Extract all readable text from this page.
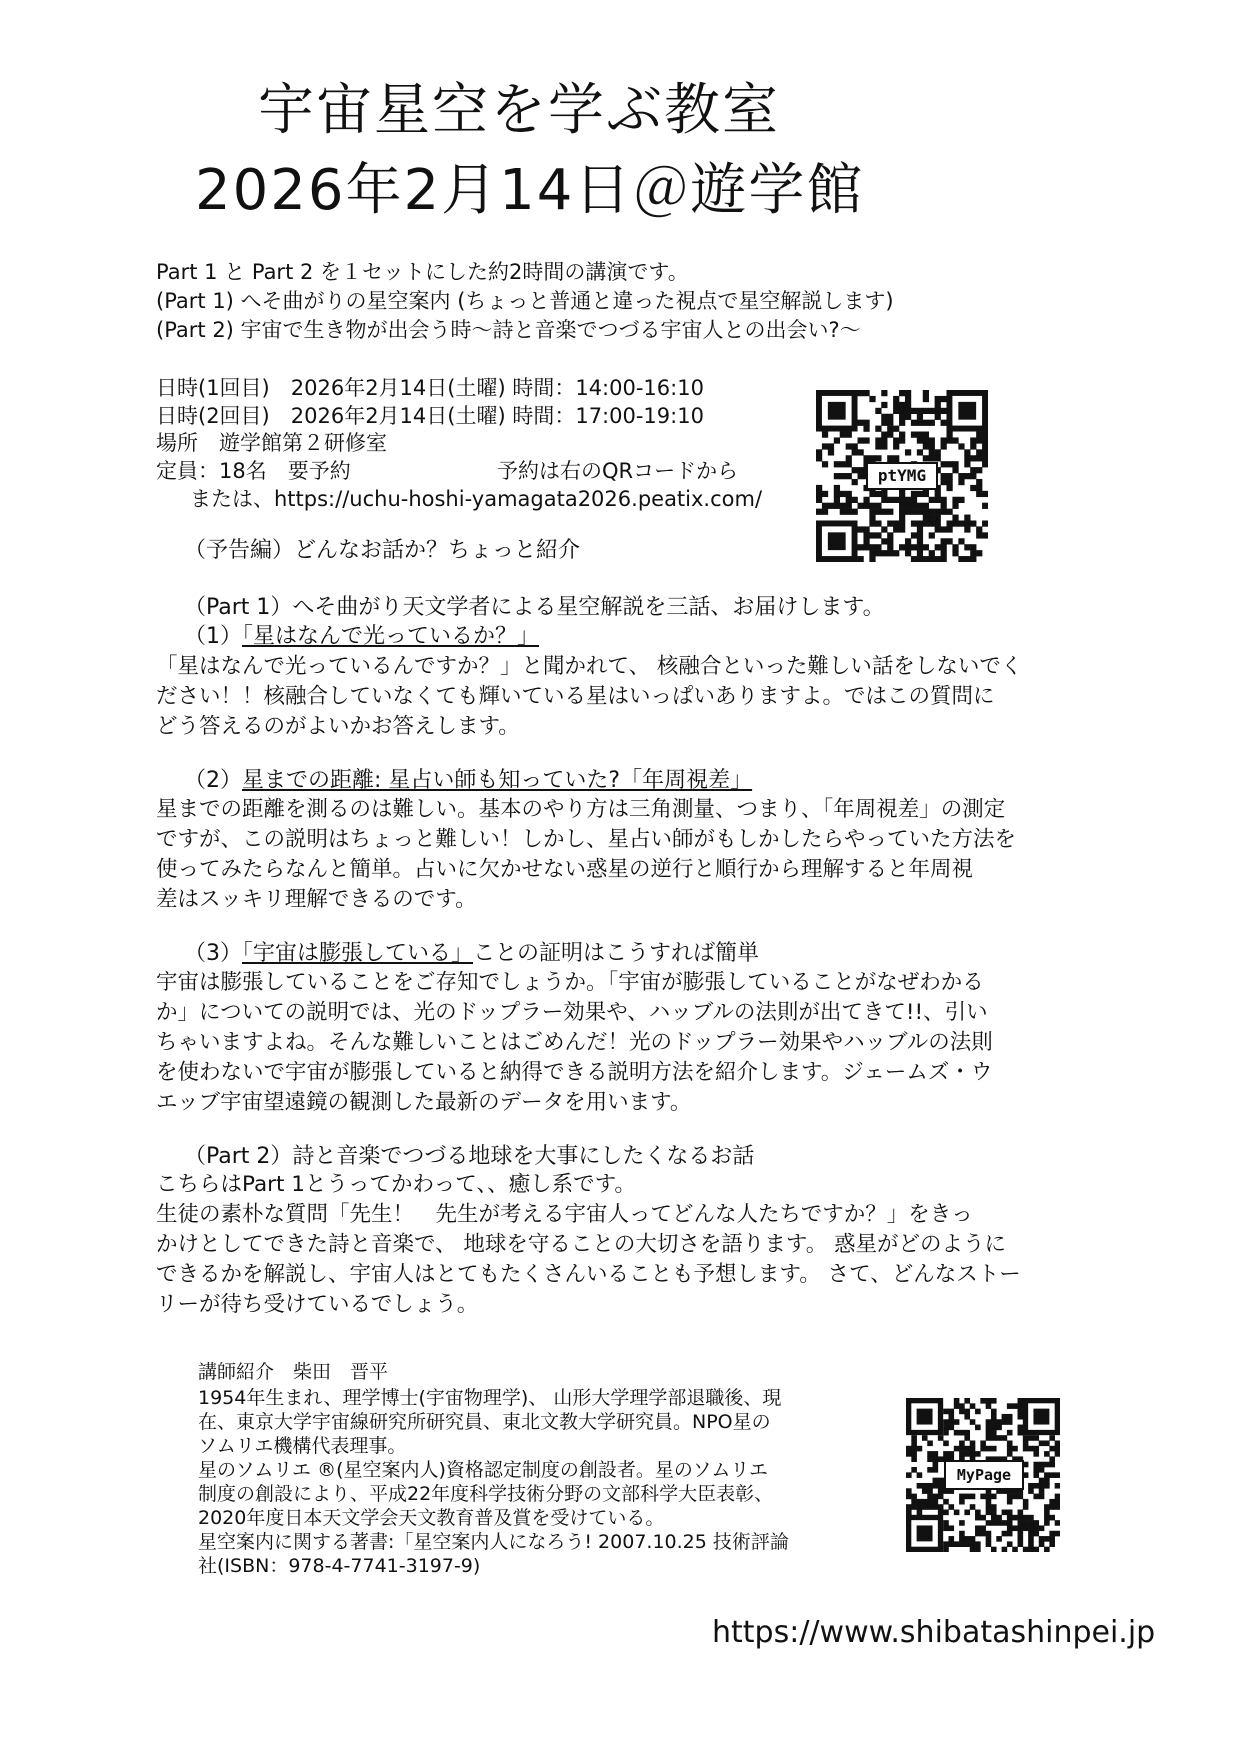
宇宙星空を学ぶ教室
2026年2月14日＠遊学館
Part 1 と Part 2 を１セットにした約2時間の講演です。
(Part 1) へそ曲がりの星空案内 (ちょっと普通と違った視点で星空解説します)
(Part 2) 宇宙で生き物が出会う時〜詩と音楽でつづる宇宙人との出会い?〜
日時(1回目)　2026年2月14日(土曜) 時間：14:00-16:10
日時(2回目)　2026年2月14日(土曜) 時間：17:00-19:10
場所　遊学館第２研修室
定員：18名　要予約	予約は右のQRコードから
または、https://uchu-hoshi-yamagata2026.peatix.com/
ptYMG
（予告編）どんなお話か？ちょっと紹介
（Part 1）へそ曲がり天文学者による星空解説を三話、お届けします。
（1）「星はなんで光っているか？」
「星はなんで光っているんですか？」と聞かれて、 核融合といった難しい話をしないでく
ださい！！核融合していなくても輝いている星はいっぱいありますよ。ではこの質問に
どう答えるのがよいかお答えします。
（2）星までの距離: 星占い師も知っていた?「年周視差」
星までの距離を測るのは難しい。基本のやり方は三角測量、つまり、「年周視差」の測定
ですが、この説明はちょっと難しい！しかし、星占い師がもしかしたらやっていた方法を
使ってみたらなんと簡単。占いに欠かせない惑星の逆行と順行から理解すると年周視
差はスッキリ理解できるのです。
（3）「宇宙は膨張している」ことの証明はこうすれば簡単
宇宙は膨張していることをご存知でしょうか。「宇宙が膨張していることがなぜわかる
か」についての説明では、光のドップラー効果や、ハッブルの法則が出てきて!!、引い
ちゃいますよね。そんな難しいことはごめんだ！光のドップラー効果やハッブルの法則
を使わないで宇宙が膨張していると納得できる説明方法を紹介します。ジェームズ・ウ
エッブ宇宙望遠鏡の観測した最新のデータを用います。
（Part 2）詩と音楽でつづる地球を大事にしたくなるお話
こちらはPart 1とうってかわって、、癒し系です。
生徒の素朴な質問「先生！　先生が考える宇宙人ってどんな人たちですか？」をきっ
かけとしてできた詩と音楽で、 地球を守ることの大切さを語ります。 惑星がどのように
できるかを解説し、宇宙人はとてもたくさんいることも予想します。 さて、どんなストー
リーが待ち受けているでしょう。
講師紹介　柴田　晋平
1954年生まれ、理学博士(宇宙物理学)、 山形大学理学部退職後、現
在、東京大学宇宙線研究所研究員、東北文教大学研究員。NPO星の
ソムリエ機構代表理事。
星のソムリエ ®(星空案内人)資格認定制度の創設者。星のソムリエ
制度の創設により、平成22年度科学技術分野の文部科学大臣表彰、
2020年度日本天文学会天文教育普及賞を受けている。
星空案内に関する著書:「星空案内人になろう! 2007.10.25 技術評論
社(ISBN：978-4-7741-3197-9)
MyPage
https://www.shibatashinpei.jp
